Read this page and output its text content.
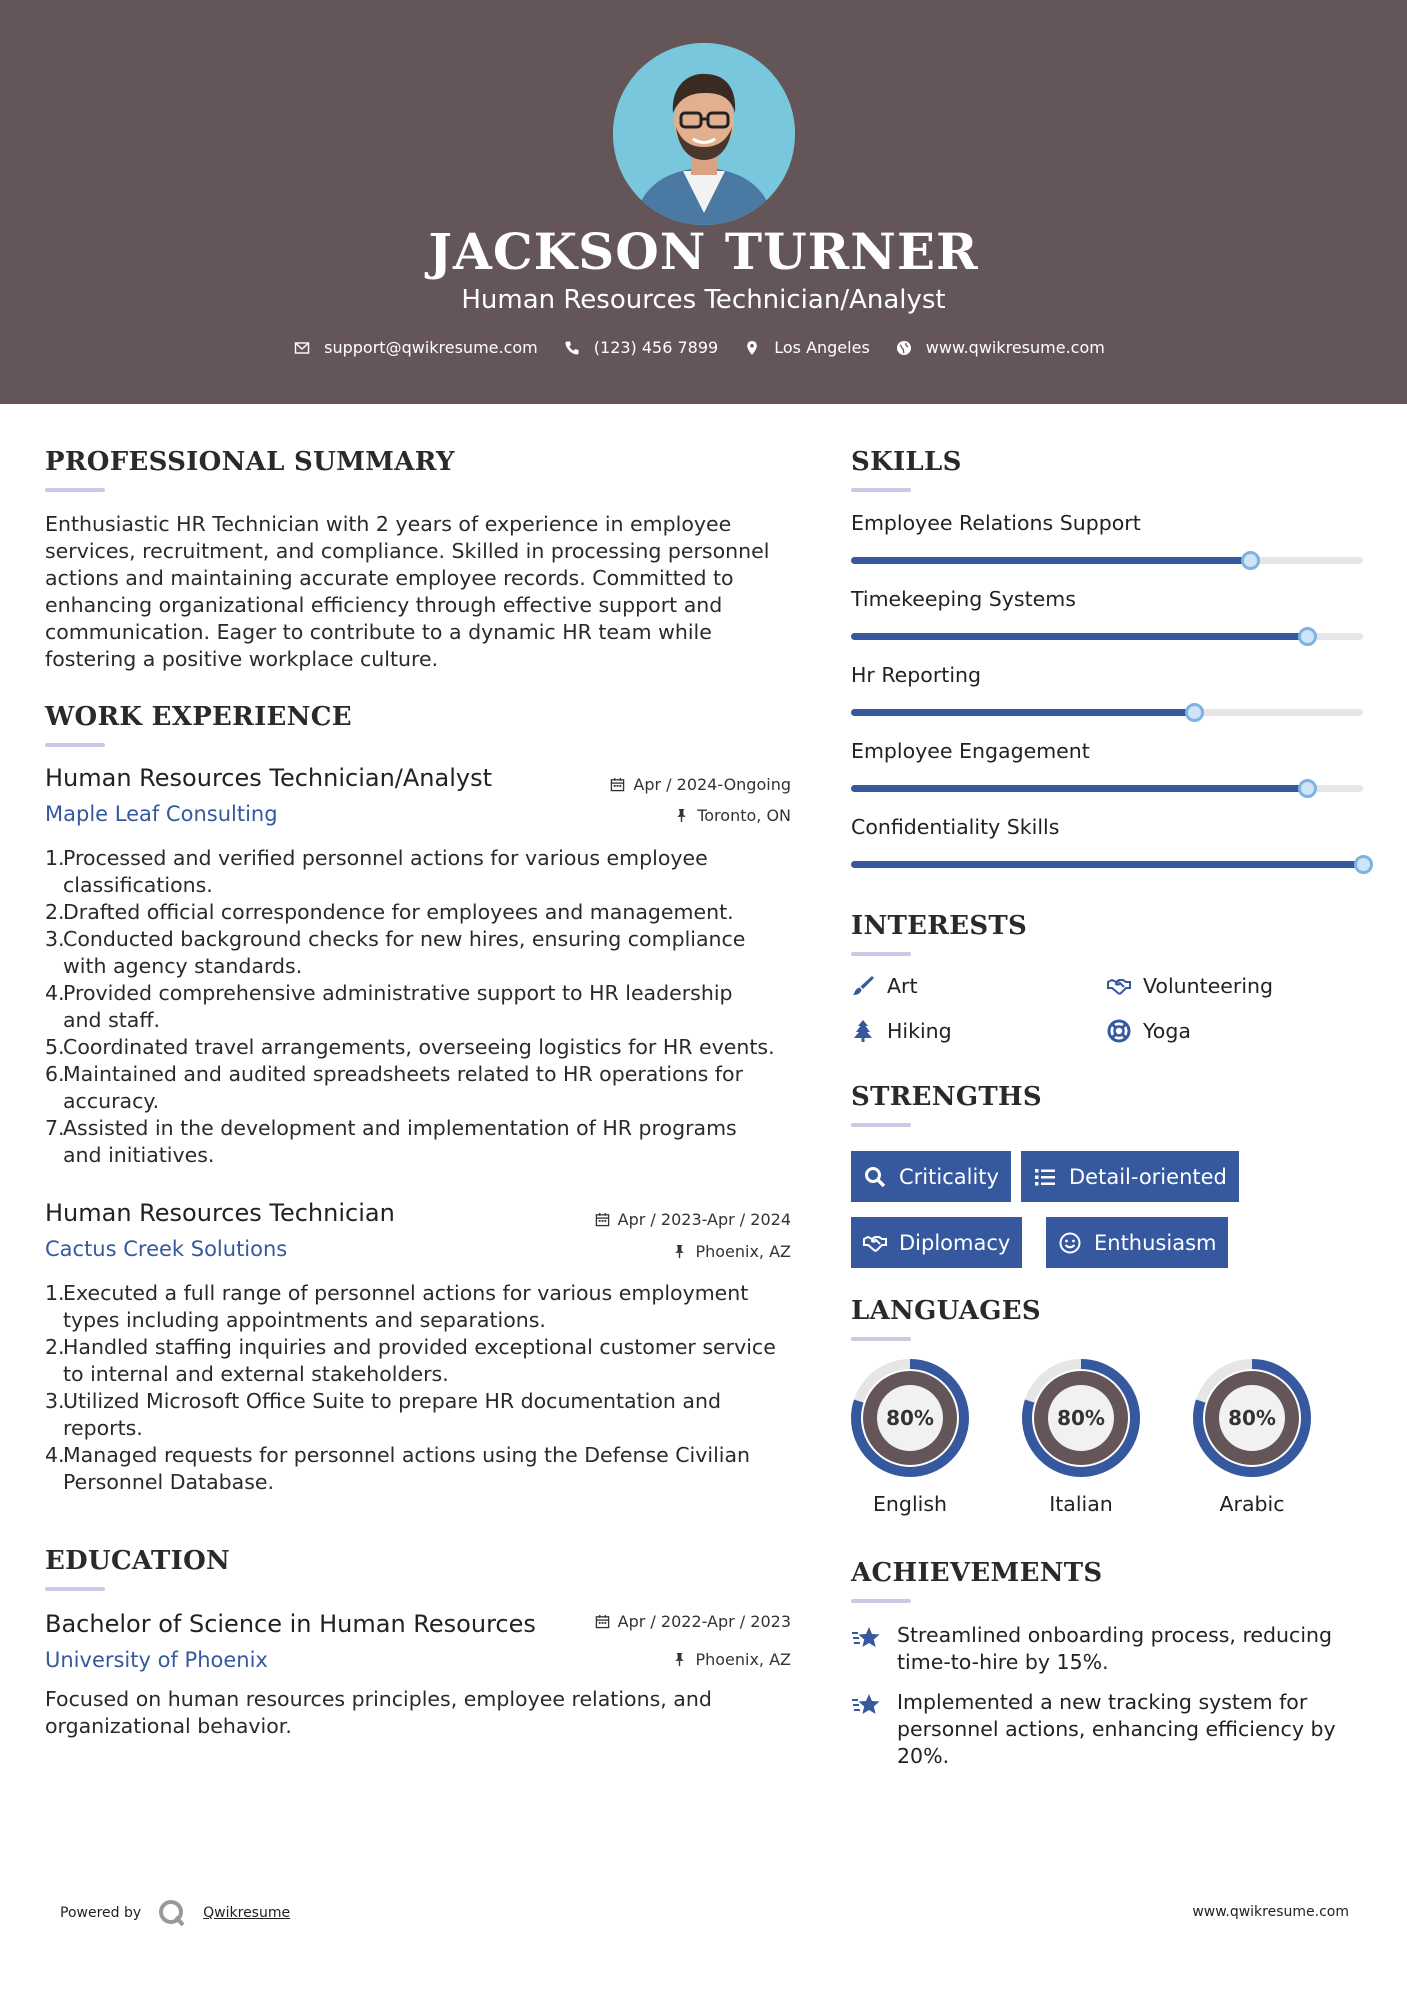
JACKSON TURNER
Human Resources Technician/Analyst
support@qwikresume.com	(123) 456 7899	Los Angeles	www.qwikresume.com
PROFESSIONAL SUMMARY
Enthusiastic HR Technician with 2 years of experience in employee
services, recruitment, and compliance. Skilled in processing personnel
actions and maintaining accurate employee records. Committed to
enhancing organizational efficiency through effective support and
communication. Eager to contribute to a dynamic HR team while
fostering a positive workplace culture.
WORK EXPERIENCE
Human Resources Technician/Analyst	Apr / 2024-Ongoing
Maple Leaf Consulting	Toronto, ON
1.
Processed and verified personnel actions for various employee
classifications.
2.
Drafted official correspondence for employees and management.
3.
Conducted background checks for new hires, ensuring compliance
with agency standards.
4.
Provided comprehensive administrative support to HR leadership
and staff.
5.
Coordinated travel arrangements, overseeing logistics for HR events.
6.
Maintained and audited spreadsheets related to HR operations for
accuracy.
7.
Assisted in the development and implementation of HR programs
and initiatives.
Human Resources Technician	Apr / 2023-Apr / 2024
Cactus Creek Solutions	Phoenix, AZ
1.
Executed a full range of personnel actions for various employment
types including appointments and separations.
2.
Handled staffing inquiries and provided exceptional customer service
to internal and external stakeholders.
3.
Utilized Microsoft Office Suite to prepare HR documentation and
reports.
4.
Managed requests for personnel actions using the Defense Civilian
Personnel Database.
EDUCATION
Bachelor of Science in Human Resources	Apr / 2022-Apr / 2023
University of Phoenix	Phoenix, AZ
Focused on human resources principles, employee relations, and
organizational behavior.
SKILLS
Employee Relations Support
Timekeeping Systems
Hr Reporting
Employee Engagement
Confidentiality Skills
INTERESTS
Art	Volunteering
Hiking	Yoga
STRENGTHS
Criticality	Detail-oriented
Diplomacy	Enthusiasm
LANGUAGES
80%
English
80%
Italian
80%
Arabic
ACHIEVEMENTS
Streamlined onboarding process, reducing
time-to-hire by 15%.
Implemented a new tracking system for
personnel actions, enhancing efficiency by
20%.
Powered by	Qwikresume	www.qwikresume.com
